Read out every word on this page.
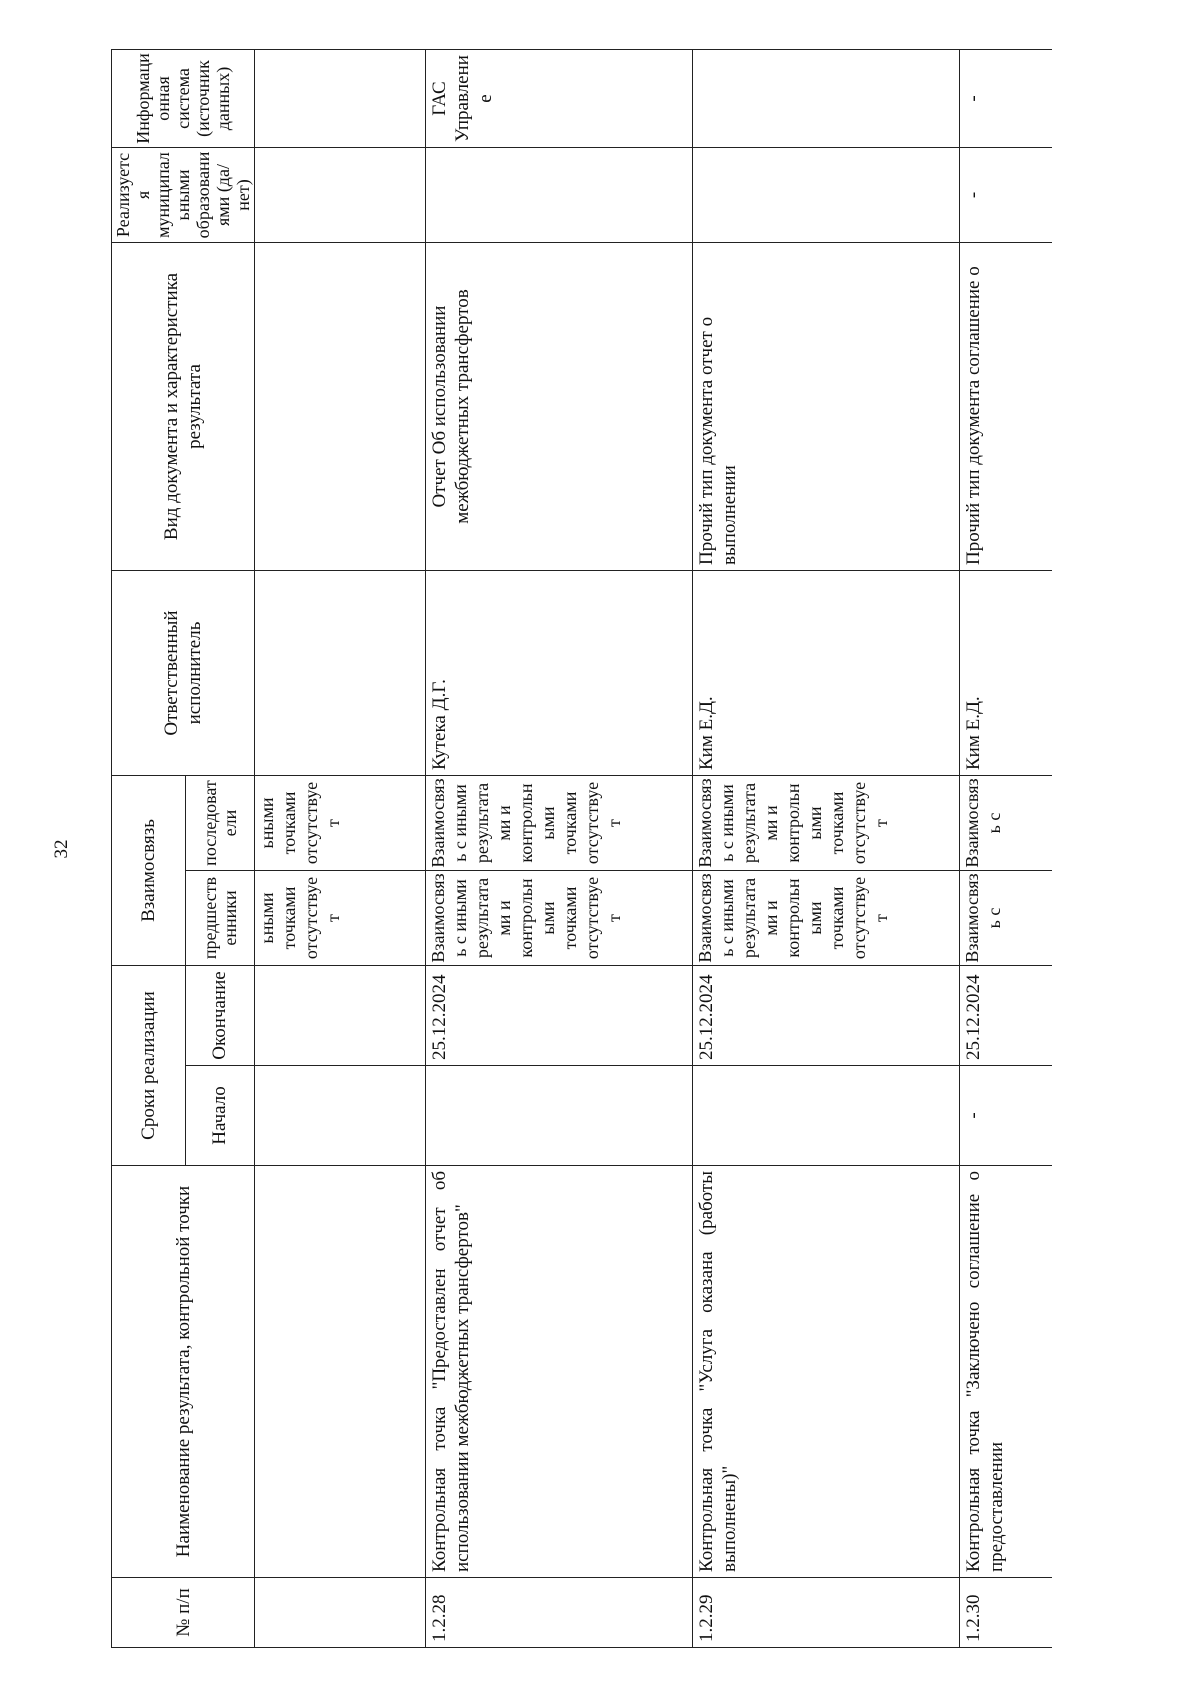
32
№ п/п	Наименование результата, контрольной точки	Сроки реализации		Взаимосвязь		Ответственный исполнитель	Вид документа и характеристика результата	Реализуется муниципальными образованиями (да/нет)	Информационная система (источник данных)
		Начало	Окончание	предшественники	последователи				
				ьными точками отсутствует	ьными точками отсутствует				
1.2.28	Контрольная точка "Предоставлен отчет об использовании межбюджетных трансфертов"		25.12.2024	Взаимосвязь с иными результатами и контрольными точками отсутствует	Взаимосвязь с иными результатами и контрольными точками отсутствует	Кутека Д.Г.	Отчет Об использовании межбюджетных трансфертов		ГАС Управление
1.2.29	Контрольная точка "Услуга оказана (работы выполнены)"		25.12.2024	Взаимосвязь с иными результатами и контрольными точками отсутствует	Взаимосвязь с иными результатами и контрольными точками отсутствует	Ким Е.Д.	Прочий тип документа отчет о выполнении		
1.2.30	Контрольная точка "Заключено соглашение о предоставлении	-	25.12.2024	Взаимосвязь с	Взаимосвязь с	Ким Е.Д.	Прочий тип документа соглашение о	-	-
